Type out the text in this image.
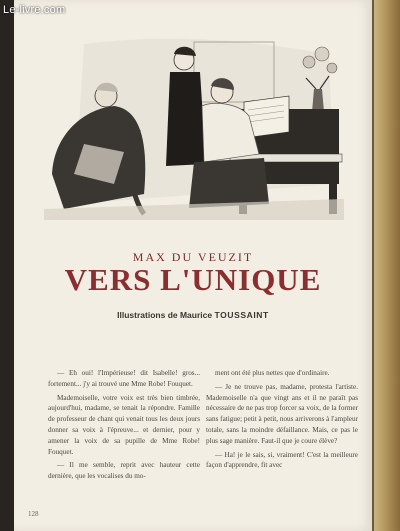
Le-livre.com
MAX DU VEUZIT
VERS L'UNIQUE
Illustrations de Maurice TOUSSAINT

— Eh oui! l'Impérieuse! dit Isabelle! gros... fortement... j'y ai trouvé une Mme Robe! Fouquet.

Mademoiselle, votre voix est très bien timbrée, aujourd'hui, madame, se tenait la répondre. Famille de professeur de chant qui venait tous les deux jours donner sa voix à l'épreuve... et dernier, pour y amener la voix de sa pupille de Mme Robe! Fouquet.

— Il me semble, reprit avec hauteur cette dernière, que les vocalises du mo-

ment ont été plus nettes que d'ordinaire.

— Je ne trouve pas, madame, protesta l'artiste. Mademoiselle n'a que vingt ans et il ne paraît pas nécessaire de ne pas trop forcer sa voix, de la former sans fatigue; petit à petit, nous arriverons à l'ampleur totale, sans la moindre défaillance. Mais, ce pas le plus sage manière. Faut-il que je coure élève?

— Ha! je le sais, si, vraiment! C'est la meilleure façon d'apprendre, fit avec

128
